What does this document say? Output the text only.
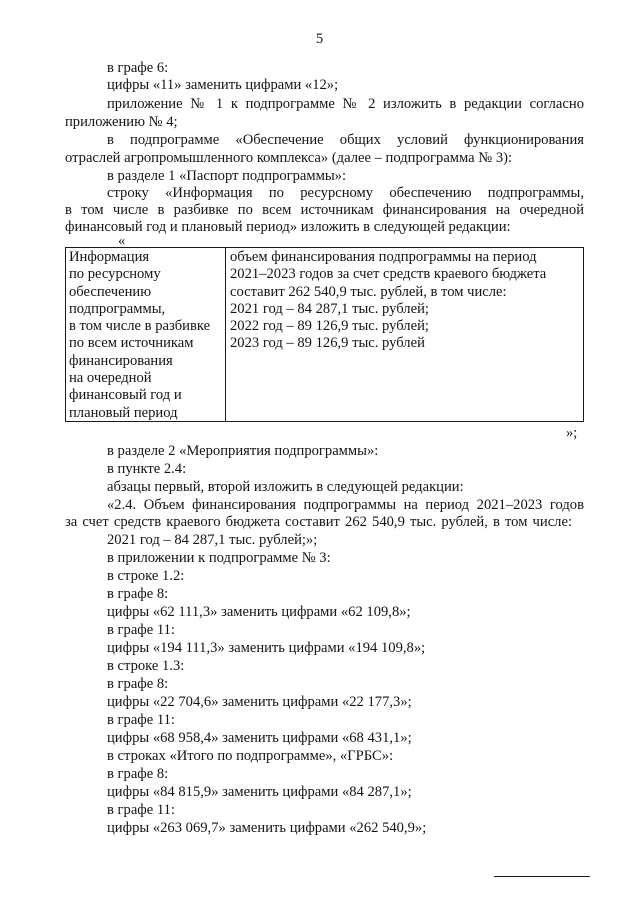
5
в графе 6:
цифры «11» заменить цифрами «12»;
приложение № 1 к подпрограмме № 2 изложить в редакции согласно
приложению № 4;
в подпрограмме «Обеспечение общих условий функционирования
отраслей агропромышленного комплекса» (далее – подпрограмма № 3):
в разделе 1 «Паспорт подпрограммы»:
строку «Информация по ресурсному обеспечению подпрограммы,
в том числе в разбивке по всем источникам финансирования на очередной
финансовый год и плановый период» изложить в следующей редакции:
«
Информация
по ресурсному
обеспечению
подпрограммы,
в том числе в разбивке
по всем источникам
финансирования
на очередной
финансовый год и
плановый период
объем финансирования подпрограммы на период
2021–2023 годов за счет средств краевого бюджета
составит 262 540,9 тыс. рублей, в том числе:
2021 год – 84 287,1 тыс. рублей;
2022 год – 89 126,9 тыс. рублей;
2023 год – 89 126,9 тыс. рублей
»;
в разделе 2 «Мероприятия подпрограммы»:
в пункте 2.4:
абзацы первый, второй изложить в следующей редакции:
«2.4. Объем финансирования подпрограммы на период 2021–2023 годов
за счет средств краевого бюджета составит 262 540,9 тыс. рублей, в том числе:
2021 год – 84 287,1 тыс. рублей;»;
в приложении к подпрограмме № 3:
в строке 1.2:
в графе 8:
цифры «62 111,3» заменить цифрами «62 109,8»;
в графе 11:
цифры «194 111,3» заменить цифрами «194 109,8»;
в строке 1.3:
в графе 8:
цифры «22 704,6» заменить цифрами «22 177,3»;
в графе 11:
цифры «68 958,4» заменить цифрами «68 431,1»;
в строках «Итого по подпрограмме», «ГРБС»:
в графе 8:
цифры «84 815,9» заменить цифрами «84 287,1»;
в графе 11:
цифры «263 069,7» заменить цифрами «262 540,9»;
